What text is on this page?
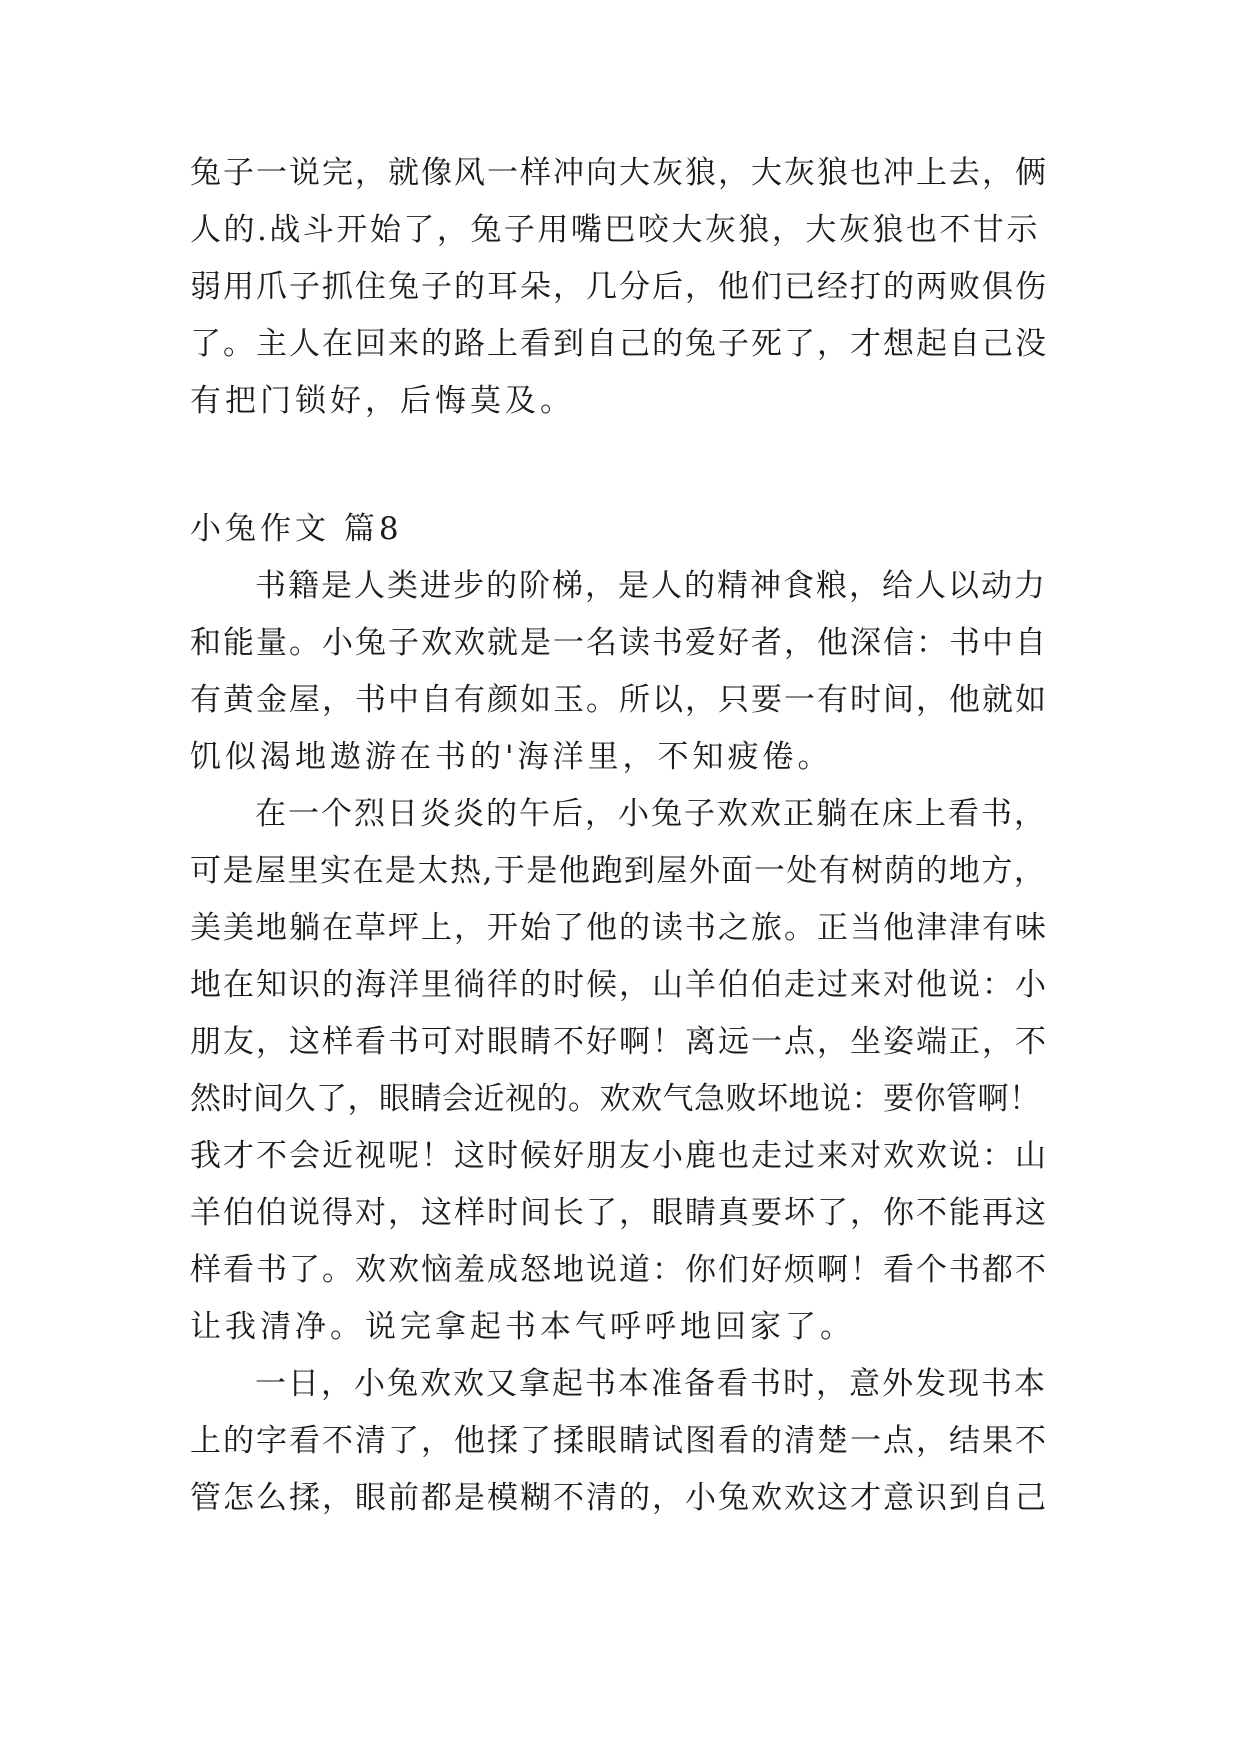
兔子一说完，就像风一样冲向大灰狼，大灰狼也冲上去，俩
人的.战斗开始了，兔子用嘴巴咬大灰狼，大灰狼也不甘示
弱用爪子抓住兔子的耳朵，几分后，他们已经打的两败俱伤
了。主人在回来的路上看到自己的兔子死了，才想起自己没
有把门锁好，后悔莫及。
小兔作文 篇8
书籍是人类进步的阶梯，是人的精神食粮，给人以动力
和能量。小兔子欢欢就是一名读书爱好者，他深信：书中自
有黄金屋，书中自有颜如玉。所以，只要一有时间，他就如
饥似渴地遨游在书的'海洋里，不知疲倦。
在一个烈日炎炎的午后，小兔子欢欢正躺在床上看书，
可是屋里实在是太热,于是他跑到屋外面一处有树荫的地方，
美美地躺在草坪上，开始了他的读书之旅。正当他津津有味
地在知识的海洋里徜徉的时候，山羊伯伯走过来对他说：小
朋友，这样看书可对眼睛不好啊！离远一点，坐姿端正，不
然时间久了，眼睛会近视的。欢欢气急败坏地说：要你管啊！
我才不会近视呢！这时候好朋友小鹿也走过来对欢欢说：山
羊伯伯说得对，这样时间长了，眼睛真要坏了，你不能再这
样看书了。欢欢恼羞成怒地说道：你们好烦啊！看个书都不
让我清净。说完拿起书本气呼呼地回家了。
一日，小兔欢欢又拿起书本准备看书时，意外发现书本
上的字看不清了，他揉了揉眼睛试图看的清楚一点，结果不
管怎么揉，眼前都是模糊不清的，小兔欢欢这才意识到自己
